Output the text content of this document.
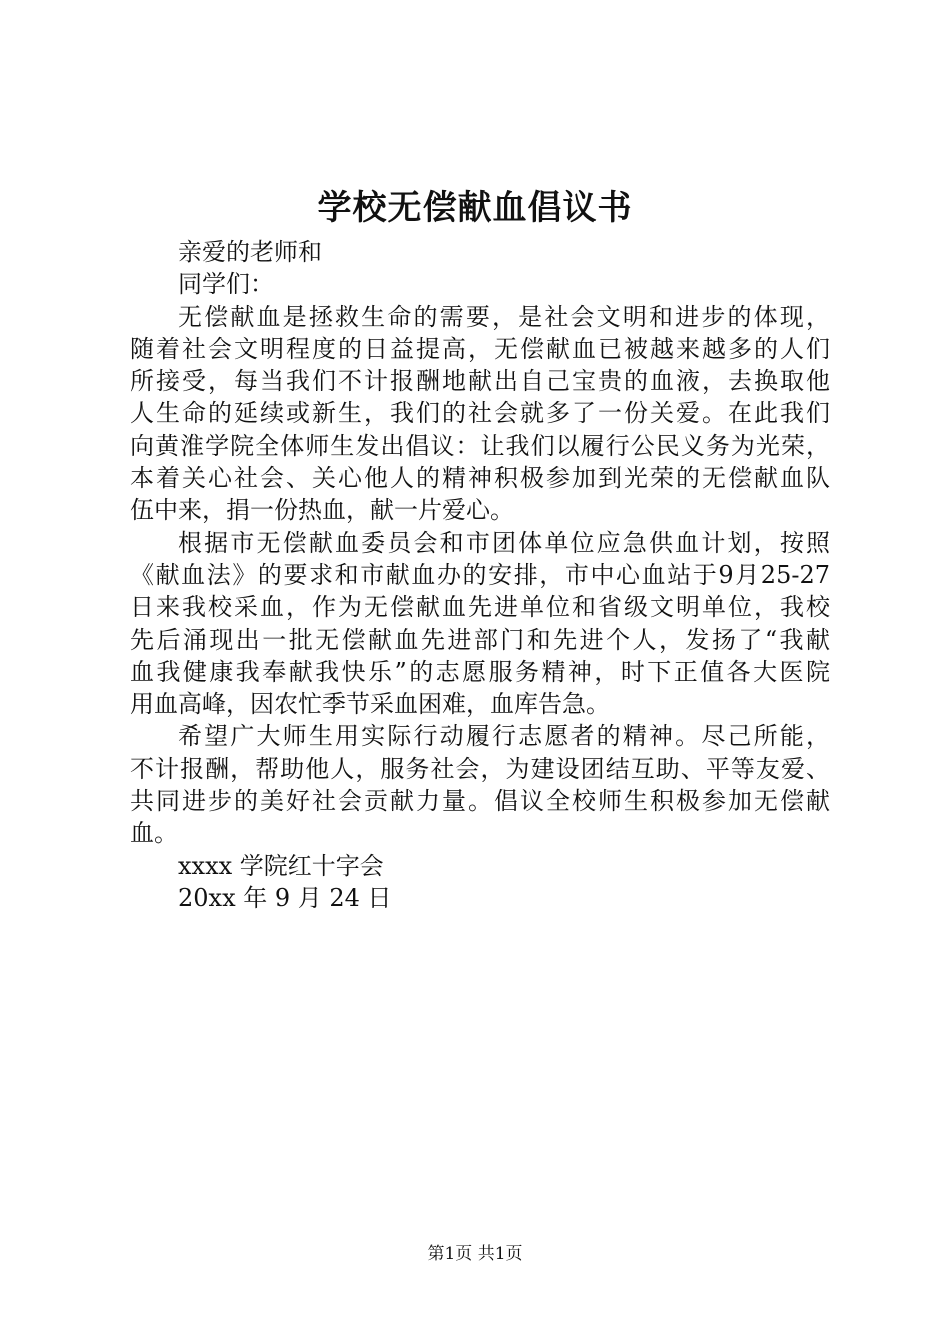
学校无偿献血倡议书
亲爱的老师和
同学们：
无偿献血是拯救生命的需要，是社会文明和进步的体现，
随着社会文明程度的日益提高，无偿献血已被越来越多的人们
所接受，每当我们不计报酬地献出自己宝贵的血液，去换取他
人生命的延续或新生，我们的社会就多了一份关爱。在此我们
向黄淮学院全体师生发出倡议：让我们以履行公民义务为光荣，
本着关心社会、关心他人的精神积极参加到光荣的无偿献血队
伍中来，捐一份热血，献一片爱心。
根据市无偿献血委员会和市团体单位应急供血计划，按照
《献血法》的要求和市献血办的安排，市中心血站于9月25-27
日来我校采血，作为无偿献血先进单位和省级文明单位，我校
先后涌现出一批无偿献血先进部门和先进个人，发扬了“我献
血我健康我奉献我快乐”的志愿服务精神，时下正值各大医院
用血高峰，因农忙季节采血困难，血库告急。
希望广大师生用实际行动履行志愿者的精神。尽己所能，
不计报酬，帮助他人，服务社会，为建设团结互助、平等友爱、
共同进步的美好社会贡献力量。倡议全校师生积极参加无偿献
血。
xxxx 学院红十字会
20xx 年 9 月 24 日
第1页 共1页
